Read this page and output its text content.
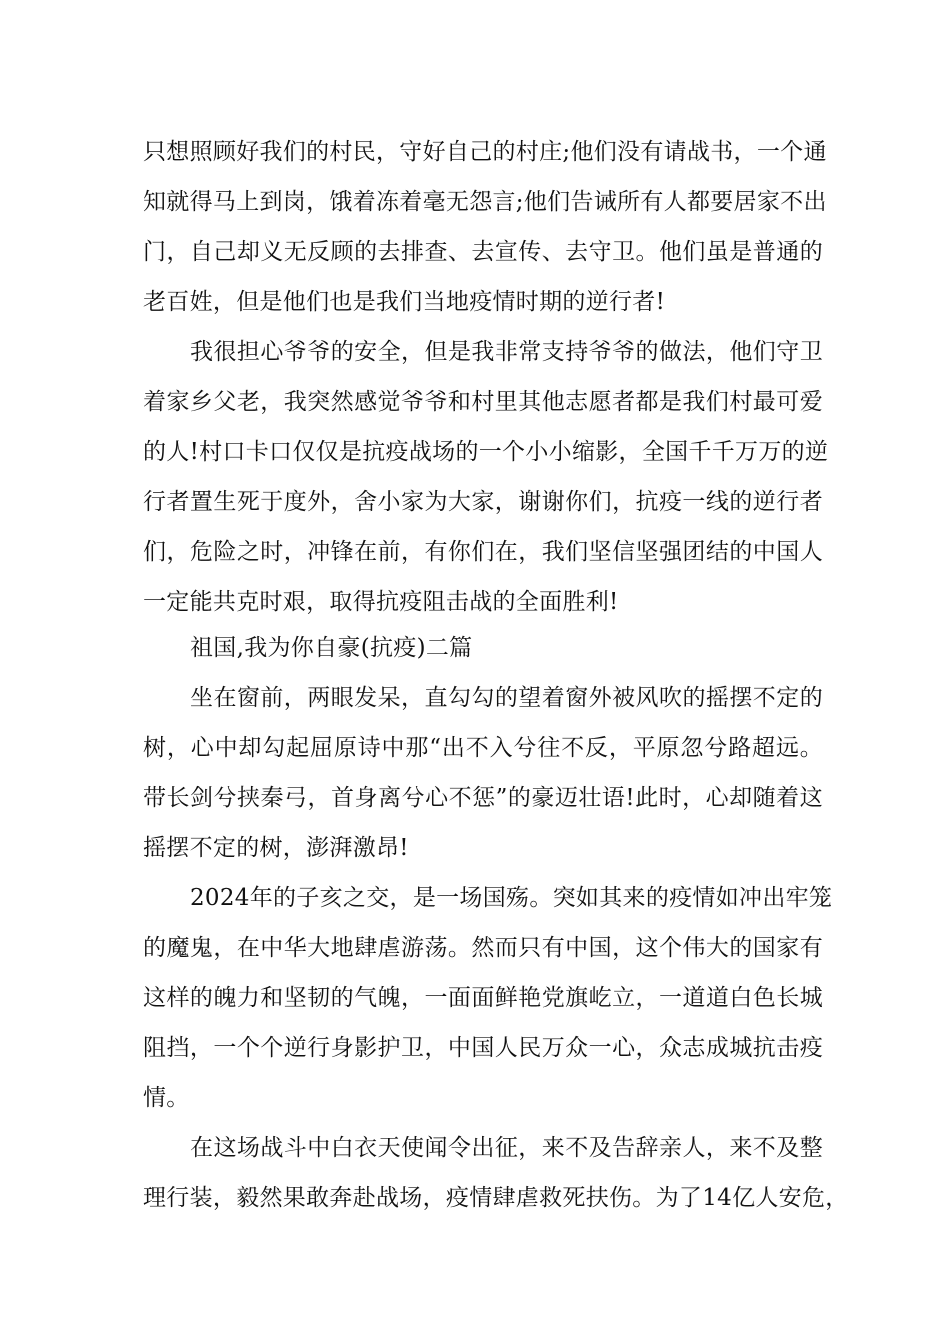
只想照顾好我们的村民，守好自己的村庄;他们没有请战书，一个通
知就得马上到岗，饿着冻着毫无怨言;他们告诫所有人都要居家不出
门，自己却义无反顾的去排查、去宣传、去守卫。他们虽是普通的
老百姓，但是他们也是我们当地疫情时期的逆行者!
我很担心爷爷的安全，但是我非常支持爷爷的做法，他们守卫
着家乡父老，我突然感觉爷爷和村里其他志愿者都是我们村最可爱
的人!村口卡口仅仅是抗疫战场的一个小小缩影，全国千千万万的逆
行者置生死于度外，舍小家为大家，谢谢你们，抗疫一线的逆行者
们，危险之时，冲锋在前，有你们在，我们坚信坚强团结的中国人
一定能共克时艰，取得抗疫阻击战的全面胜利!
祖国,我为你自豪(抗疫)二篇
坐在窗前，两眼发呆，直勾勾的望着窗外被风吹的摇摆不定的
树，心中却勾起屈原诗中那“出不入兮往不反，平原忽兮路超远。
带长剑兮挟秦弓，首身离兮心不惩”的豪迈壮语!此时，心却随着这
摇摆不定的树，澎湃激昂!
2024年的子亥之交，是一场国殇。突如其来的疫情如冲出牢笼
的魔鬼，在中华大地肆虐游荡。然而只有中国，这个伟大的国家有
这样的魄力和坚韧的气魄，一面面鲜艳党旗屹立，一道道白色长城
阻挡，一个个逆行身影护卫，中国人民万众一心，众志成城抗击疫
情。
在这场战斗中白衣天使闻令出征，来不及告辞亲人，来不及整
理行装，毅然果敢奔赴战场，疫情肆虐救死扶伤。为了14亿人安危，
